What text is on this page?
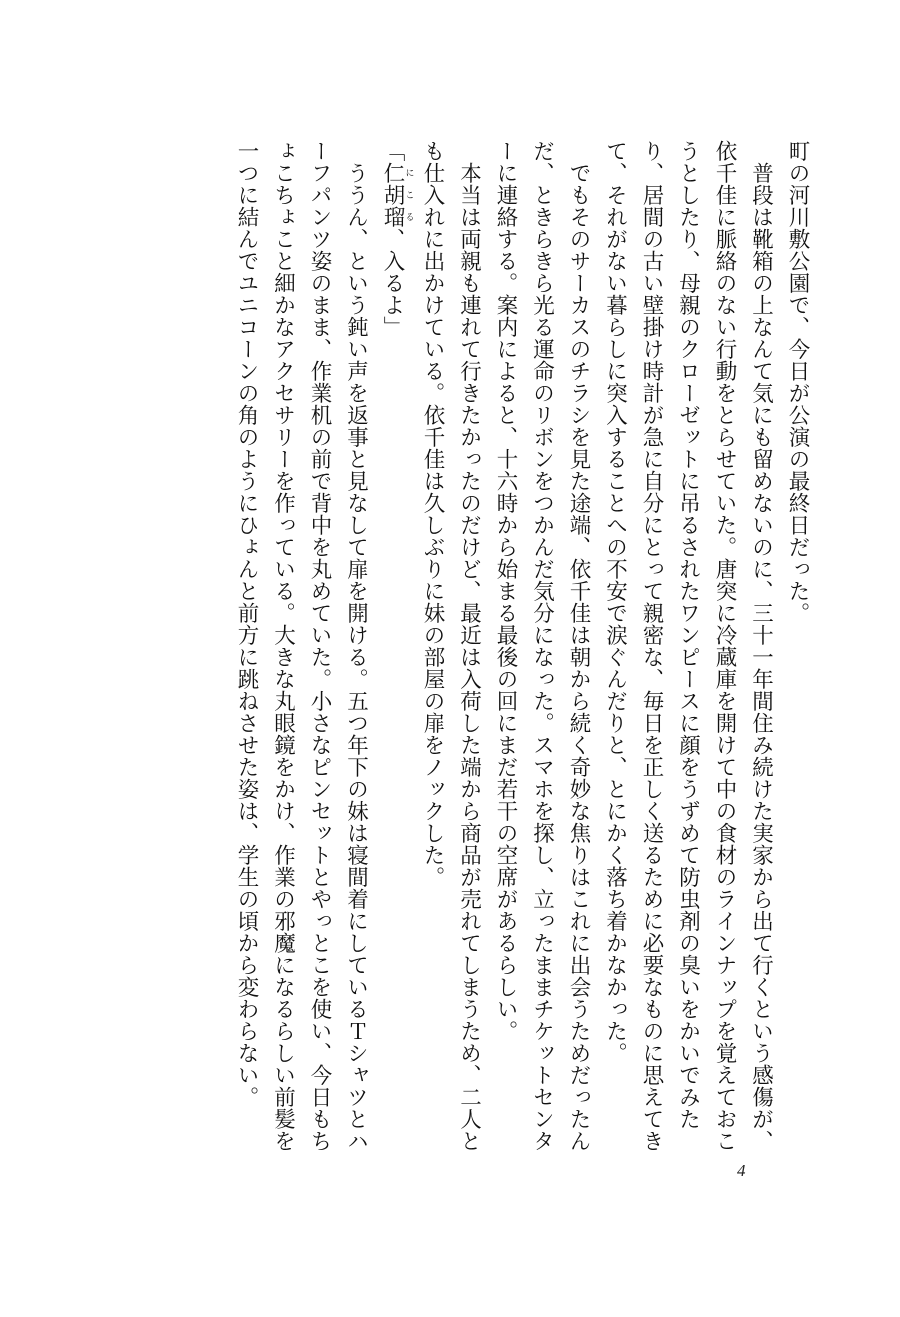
町の河川敷公園で、今日が公演の最終日だった。

普段は靴箱の上なんて気にも留めないのに、三十一年間住み続けた実家から出て行くという感傷が、依千佳に脈絡のない行動をとらせていた。唐突に冷蔵庫を開けて中の食材のラインナップを覚えておこうとしたり、母親のクローゼットに吊るされたワンピースに顔をうずめて防虫剤の臭いをかいでみたり、居間の古い壁掛け時計が急に自分にとって親密な、毎日を正しく送るために必要なものに思えてきて、それがない暮らしに突入することへの不安で涙ぐんだりと、とにかく落ち着かなかった。

でもそのサーカスのチラシを見た途端、依千佳は朝から続く奇妙な焦りはこれに出会うためだったんだ、ときらきら光る運命のリボンをつかんだ気分になった。スマホを探し、立ったままチケットセンターに連絡する。案内によると、十六時から始まる最後の回にまだ若干の空席があるらしい。

本当は両親も連れて行きたかったのだけど、最近は入荷した端から商品が売れてしまうため、二人とも仕入れに出かけている。依千佳は久しぶりに妹の部屋の扉をノックした。

「仁胡瑠にこる、入るよ」

ううん、という鈍い声を返事と見なして扉を開ける。五つ年下の妹は寝間着にしているＴシャツとハーフパンツ姿のまま、作業机の前で背中を丸めていた。小さなピンセットとやっとこを使い、今日もちょこちょこと細かなアクセサリーを作っている。大きな丸眼鏡をかけ、作業の邪魔になるらしい前髪を一つに結んでユニコーンの角のようにひょんと前方に跳ねさせた姿は、学生の頃から変わらない。

4
